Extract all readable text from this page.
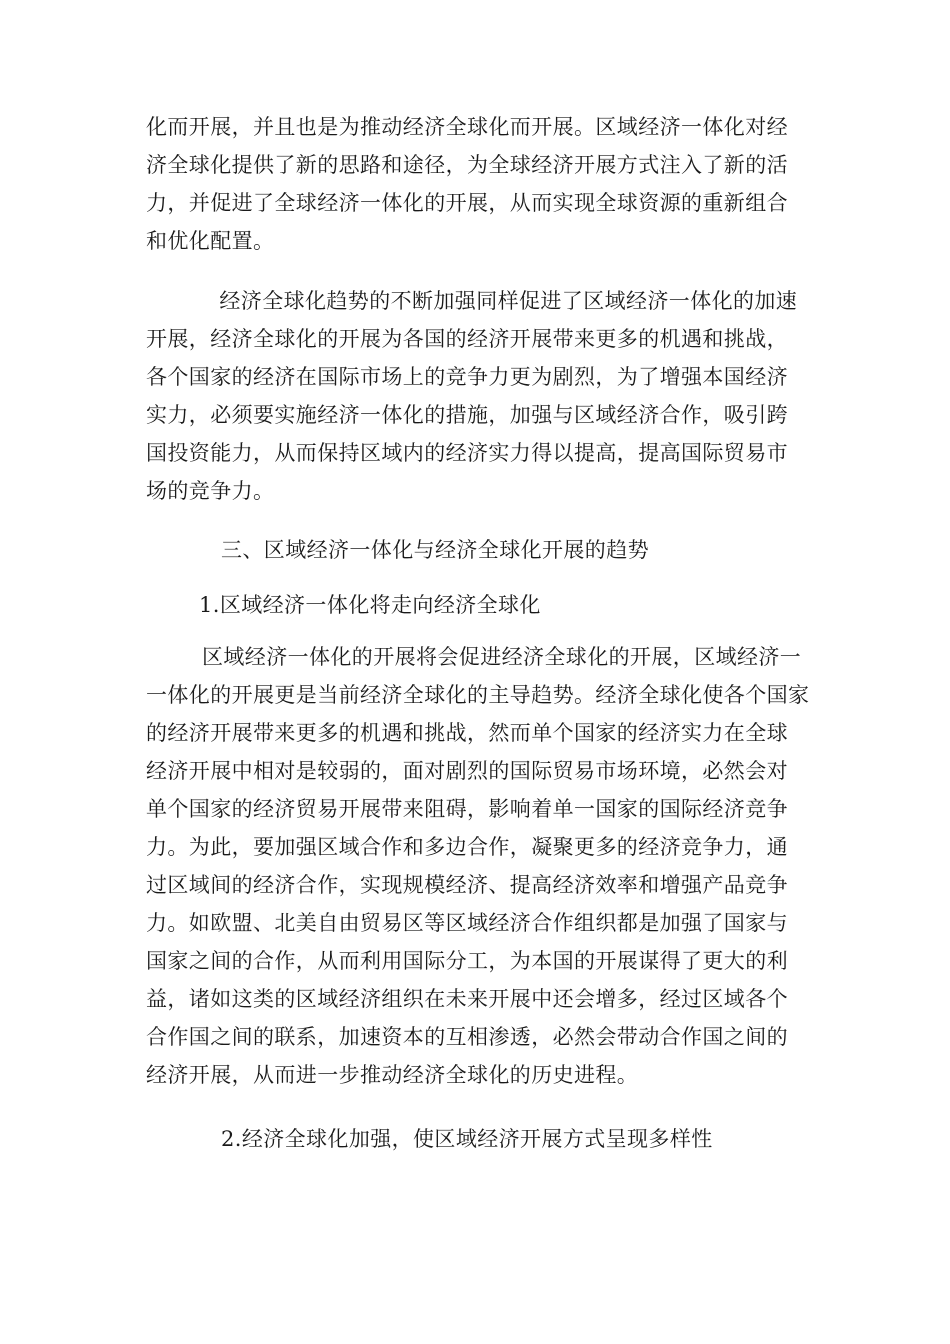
化而开展，并且也是为推动经济全球化而开展。区域经济一体化对经
济全球化提供了新的思路和途径，为全球经济开展方式注入了新的活
力，并促进了全球经济一体化的开展，从而实现全球资源的重新组合
和优化配置。
　经济全球化趋势的不断加强同样促进了区域经济一体化的加速
开展，经济全球化的开展为各国的经济开展带来更多的机遇和挑战，
各个国家的经济在国际市场上的竞争力更为剧烈，为了增强本国经济
实力，必须要实施经济一体化的措施，加强与区域经济合作，吸引跨
国投资能力，从而保持区域内的经济实力得以提高，提高国际贸易市
场的竞争力。
三、区域经济一体化与经济全球化开展的趋势
1.区域经济一体化将走向经济全球化
区域经济一体化的开展将会促进经济全球化的开展，区域经济一
一体化的开展更是当前经济全球化的主导趋势。经济全球化使各个国家
的经济开展带来更多的机遇和挑战，然而单个国家的经济实力在全球
经济开展中相对是较弱的，面对剧烈的国际贸易市场环境，必然会对
单个国家的经济贸易开展带来阻碍，影响着单一国家的国际经济竞争
力。为此，要加强区域合作和多边合作，凝聚更多的经济竞争力，通
过区域间的经济合作，实现规模经济、提高经济效率和增强产品竞争
力。如欧盟、北美自由贸易区等区域经济合作组织都是加强了国家与
国家之间的合作，从而利用国际分工，为本国的开展谋得了更大的利
益，诸如这类的区域经济组织在未来开展中还会增多，经过区域各个
合作国之间的联系，加速资本的互相渗透，必然会带动合作国之间的
经济开展，从而进一步推动经济全球化的历史进程。
2.经济全球化加强，使区域经济开展方式呈现多样性
